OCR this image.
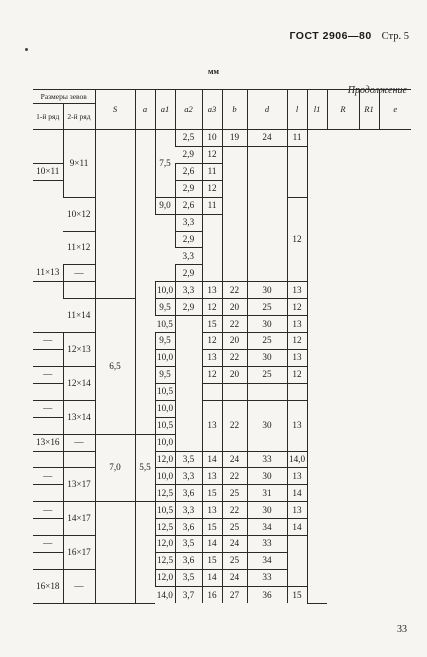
ГОСТ 2906—80 Стр. 5
мм
Продолжение
Размеры зевов		S	a	a1	a2	a3	b	d	l	l1	R	R1	e
1-й ряд	2-й ряд												
	9×11			7,5	2,5	10	19	24	11				
					2,9	12							
10×11					2,6	11							
					2,9	12							
	10×12			9,0	2,6	11			12				
					3,3								
	11×12				2,9								
					3,3								
11×13	—				2,9								
				10,0	3,3	13	22	30	13				
	11×14	6,5		9,5	2,9	12	20	25	12				
				10,5		15	22	30	13				
—	12×13			9,5		12	20	25	12				
				10,0		13	22	30	13				
—	12×14			9,5		12	20	25	12				
				10,5									
—	13×14			10,0		13	22	30	13				
				10,5									
13×16	—	7,0	5,5	10,0									
				12,0	3,5	14	24	33	14,0				
—	13×17			10,0	3,3	13	22	30	13				
				12,5	3,6	15	25	31	14				
—	14×17			10,5	3,3	13	22	30	13				
				12,5	3,6	15	25	34	14				
—	16×17			12,0	3,5	14	24	33					
				12,5	3,6	15	25	34					
16×18	—			12,0	3,5	14	24	33					
				14,0	3,7	16	27	36	15				
33
